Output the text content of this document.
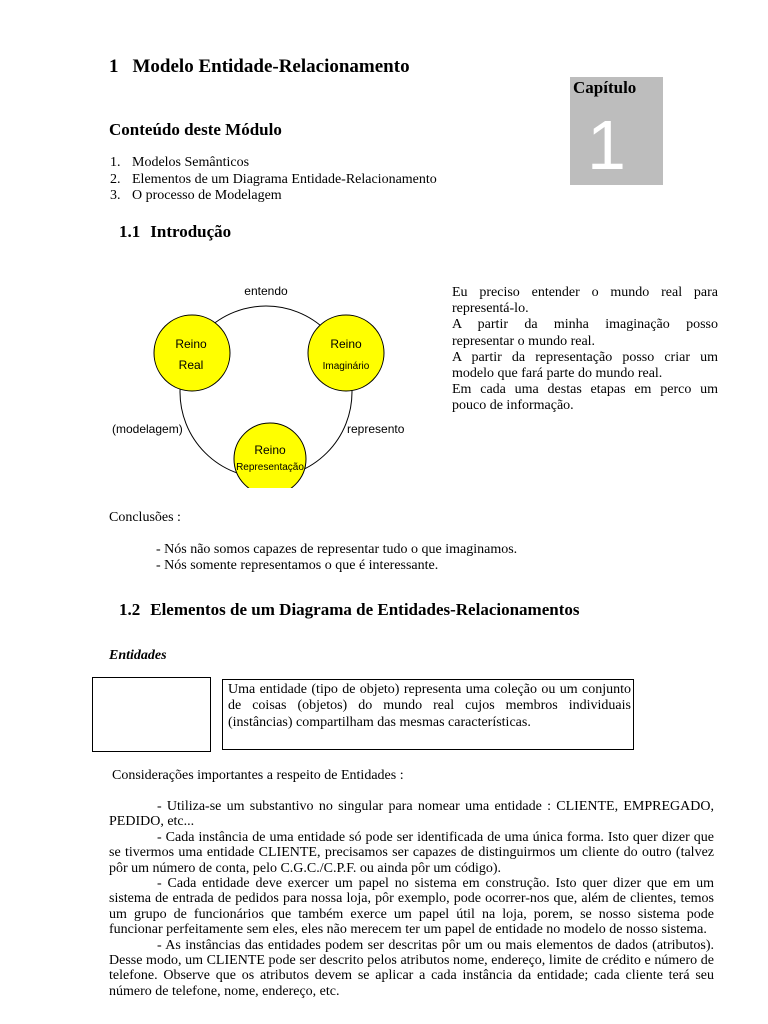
1 Modelo Entidade-Relacionamento
1
Capítulo
Conteúdo deste Módulo
1. Modelos Semânticos
2. Elementos de um Diagrama Entidade-Relacionamento
3. O processo de Modelagem
1.1 Introdução
entendo
(modelagem)	represento
Reino
Real
Reino
Imaginário
Reino
Representação

Eu preciso entender o mundo real para representá-lo.

A partir da minha imaginação posso representar o mundo real.

A partir da representação posso criar um modelo que fará parte do mundo real.

Em cada uma destas etapas em perco um pouco de informação.

Conclusões :
- Nós não somos capazes de representar tudo o que imaginamos.
- Nós somente representamos o que é interessante.
1.2 Elementos de um Diagrama de Entidades-Relacionamentos
Entidades
Uma entidade (tipo de objeto) representa uma coleção ou um conjunto de coisas (objetos) do mundo real cujos membros individuais (instâncias) compartilham das mesmas características.
Considerações importantes a respeito de Entidades :

- Utiliza-se um substantivo no singular para nomear uma entidade : CLIENTE, EMPREGADO, PEDIDO, etc...

- Cada instância de uma entidade só pode ser identificada de uma única forma. Isto quer dizer que se tivermos uma entidade CLIENTE, precisamos ser capazes de distinguirmos um cliente do outro (talvez pôr um número de conta, pelo C.G.C./C.P.F. ou ainda pôr um código).

- Cada entidade deve exercer um papel no sistema em construção. Isto quer dizer que em um sistema de entrada de pedidos para nossa loja, pôr exemplo, pode ocorrer-nos que, além de clientes, temos um grupo de funcionários que também exerce um papel útil na loja, porem, se nosso sistema pode funcionar perfeitamente sem eles, eles não merecem ter um papel de entidade no modelo de nosso sistema.

- As instâncias das entidades podem ser descritas pôr um ou mais elementos de dados (atributos). Desse modo, um CLIENTE pode ser descrito pelos atributos nome, endereço, limite de crédito e número de telefone. Observe que os atributos devem se aplicar a cada instância da entidade; cada cliente terá seu número de telefone, nome, endereço, etc.
